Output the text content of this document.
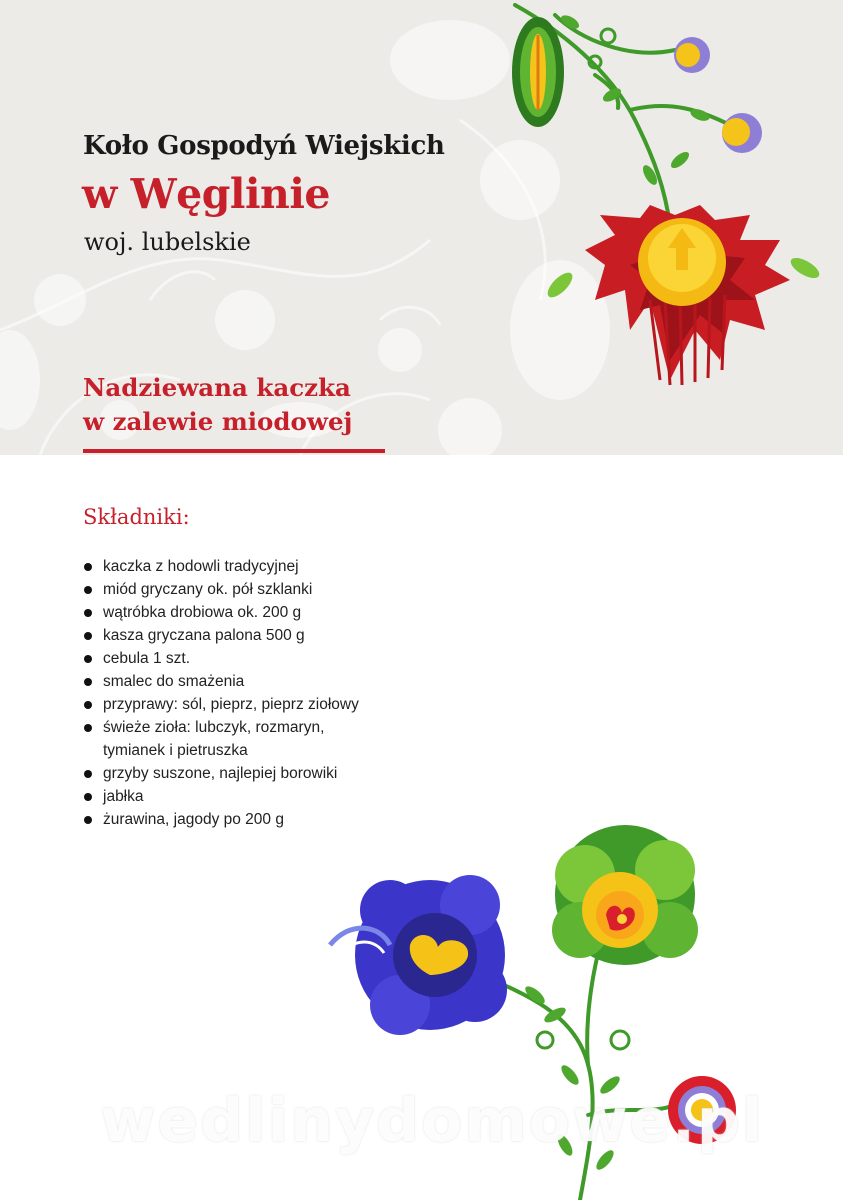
Koło Gospodyń Wiejskich
w Węglinie
woj. lubelskie
Nadziewana kaczka
w zalewie miodowej
Składniki:
kaczka z hodowli tradycyjnej
miód gryczany ok. pół szklanki
wątróbka drobiowa ok. 200 g
kasza gryczana palona 500 g
cebula 1 szt.
smalec do smażenia
przyprawy: sól, pieprz, pieprz ziołowy
świeże zioła: lubczyk, rozmaryn,
tymianek i pietruszka
grzyby suszone, najlepiej borowiki
jabłka
żurawina, jagody po 200 g
wedlinydomowe.pl
